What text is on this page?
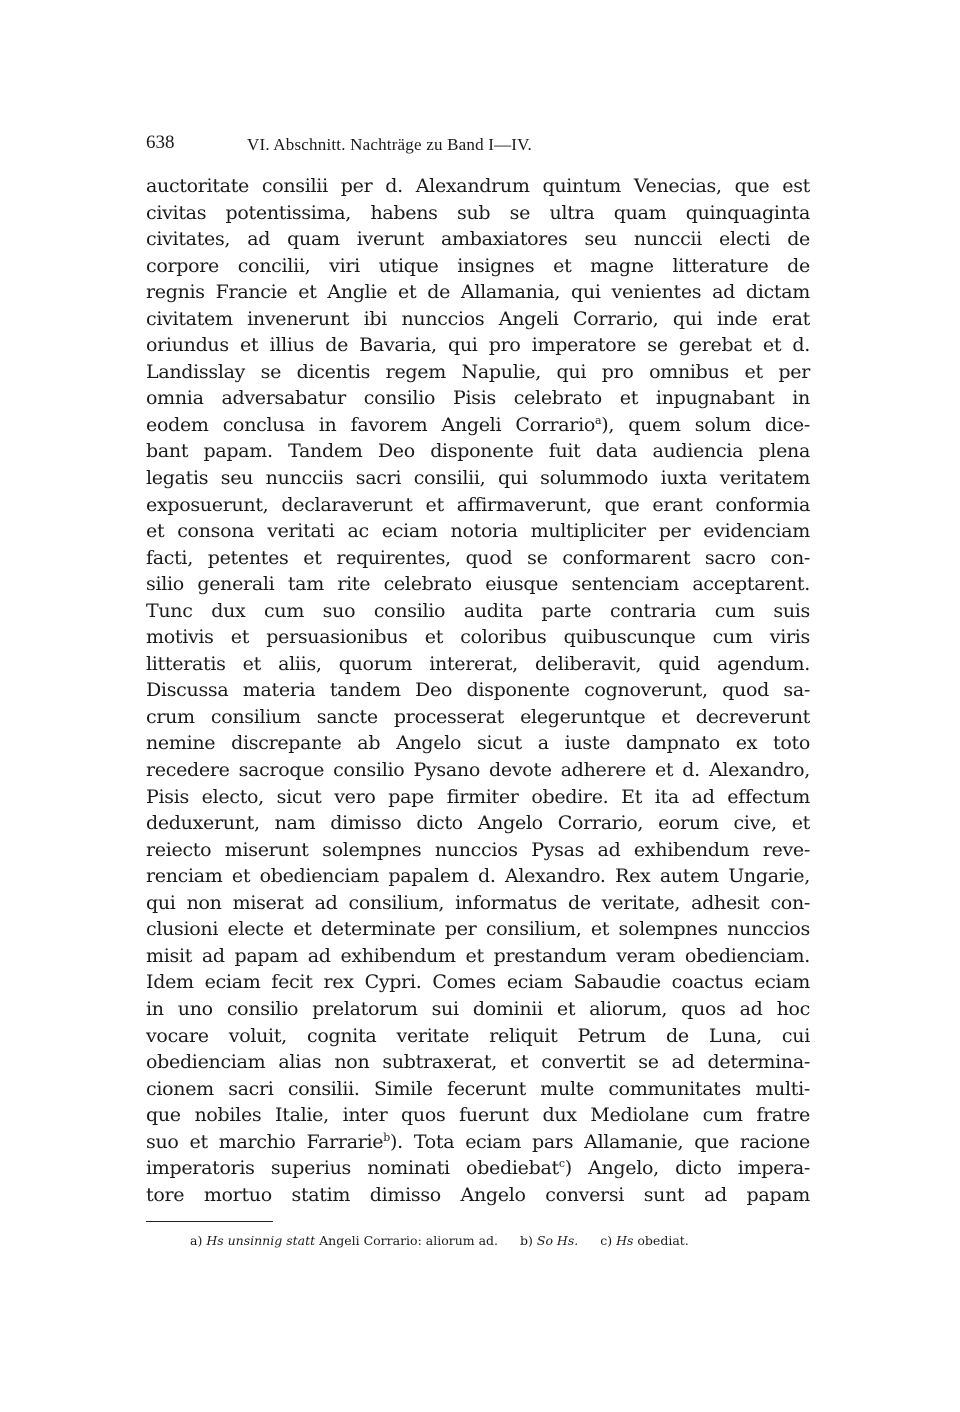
638	VI. Abschnitt. Nachträge zu Band I—IV.
auctoritate consilii per d. Alexandrum quintum Venecias, que est
civitas potentissima, habens sub se ultra quam quinquaginta
civitates, ad quam iverunt ambaxiatores seu nunccii electi de
corpore concilii, viri utique insignes et magne litterature de
regnis Francie et Anglie et de Allamania, qui venientes ad dictam
civitatem invenerunt ibi nunccios Angeli Corrario, qui inde erat
oriundus et illius de Bavaria, qui pro imperatore se gerebat et d.
Landisslay se dicentis regem Napulie, qui pro omnibus et per
omnia adversabatur consilio Pisis celebrato et inpugnabant in
eodem conclusa in favorem Angeli Corrario$^a$), quem solum dice-
bant papam. Tandem Deo disponente fuit data audiencia plena
legatis seu nuncciis sacri consilii, qui solummodo iuxta veritatem
exposuerunt, declaraverunt et affirmaverunt, que erant conformia
et consona veritati ac eciam notoria multipliciter per evidenciam
facti, petentes et requirentes, quod se conformarent sacro con-
silio generali tam rite celebrato eiusque sentenciam acceptarent.
Tunc dux cum suo consilio audita parte contraria cum suis
motivis et persuasionibus et coloribus quibuscunque cum viris
litteratis et aliis, quorum intererat, deliberavit, quid agendum.
Discussa materia tandem Deo disponente cognoverunt, quod sa-
crum consilium sancte processerat elegeruntque et decreverunt
nemine discrepante ab Angelo sicut a iuste dampnato ex toto
recedere sacroque consilio Pysano devote adherere et d. Alexandro,
Pisis electo, sicut vero pape firmiter obedire. Et ita ad effectum
deduxerunt, nam dimisso dicto Angelo Corrario, eorum cive, et
reiecto miserunt solempnes nunccios Pysas ad exhibendum reve-
renciam et obedienciam papalem d. Alexandro. Rex autem Ungarie,
qui non miserat ad consilium, informatus de veritate, adhesit con-
clusioni electe et determinate per consilium, et solempnes nunccios
misit ad papam ad exhibendum et prestandum veram obedienciam.
Idem eciam fecit rex Cypri. Comes eciam Sabaudie coactus eciam
in uno consilio prelatorum sui dominii et aliorum, quos ad hoc
vocare voluit, cognita veritate reliquit Petrum de Luna, cui
obedienciam alias non subtraxerat, et convertit se ad determina-
cionem sacri consilii. Simile fecerunt multe communitates multi-
que nobiles Italie, inter quos fuerunt dux Mediolane cum fratre
suo et marchio Farrarie$^b$). Tota eciam pars Allamanie, que racione
imperatoris superius nominati obediebat$^c$) Angelo, dicto impera-
tore mortuo statim dimisso Angelo conversi sunt ad papam
a) Hs unsinnig statt Angeli Corrario: aliorum ad. b) So Hs. c) Hs obediat.
